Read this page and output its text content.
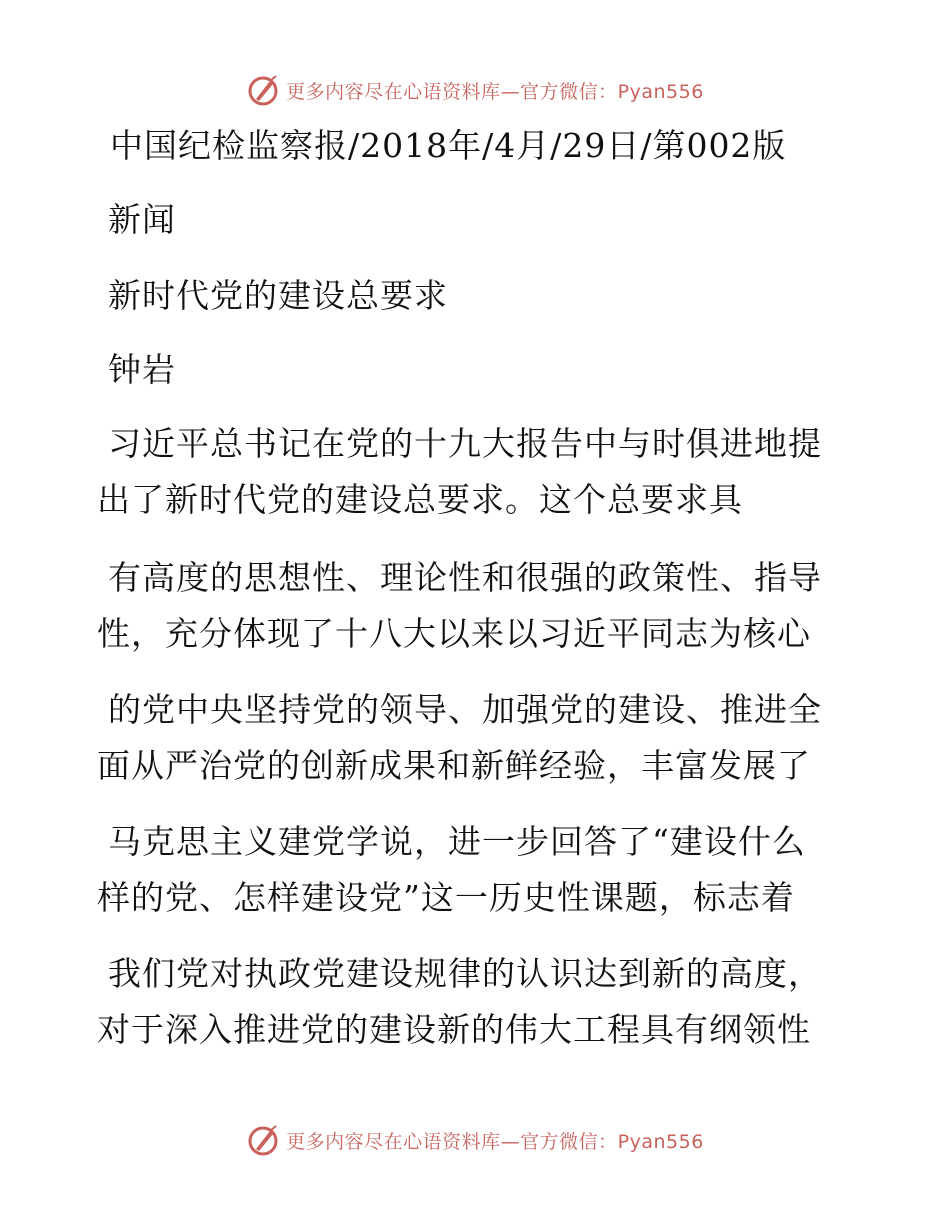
更多内容尽在心语资料库—官方微信：Pyan556
中国纪检监察报/2018年/4月/29日/第002版
新闻
新时代党的建设总要求
钟岩
习近平总书记在党的十九大报告中与时俱进地提
出了新时代党的建设总要求。这个总要求具
有高度的思想性、理论性和很强的政策性、指导
性，充分体现了十八大以来以习近平同志为核心
的党中央坚持党的领导、加强党的建设、推进全
面从严治党的创新成果和新鲜经验，丰富发展了
马克思主义建党学说，进一步回答了“建设什么
样的党、怎样建设党”这一历史性课题，标志着
我们党对执政党建设规律的认识达到新的高度，
对于深入推进党的建设新的伟大工程具有纲领性
更多内容尽在心语资料库—官方微信：Pyan556
